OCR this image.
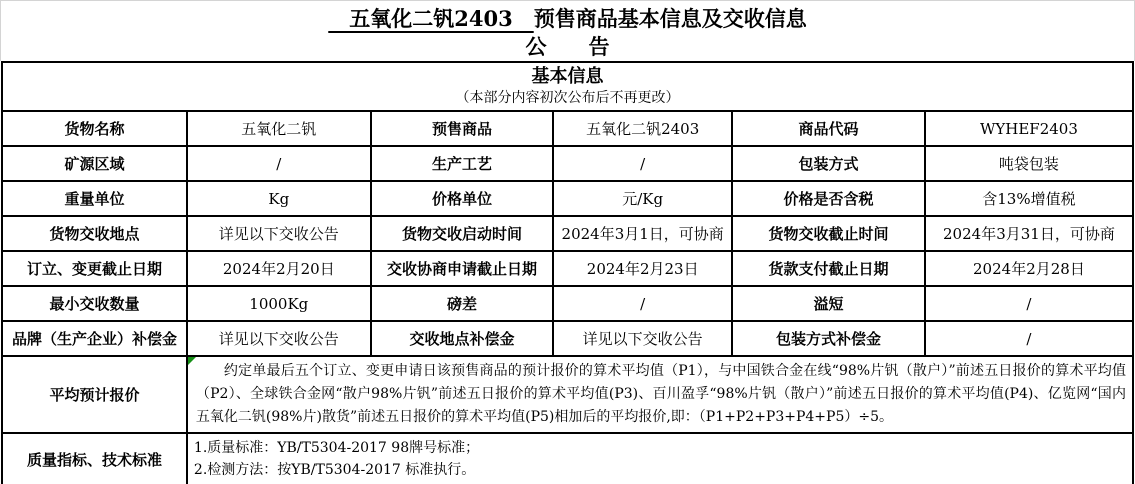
　五氧化二钒2403　预售商品基本信息及交收信息
公　　告
基本信息
（本部分内容初次公布后不再更改）					

货物名称	五氧化二钒	预售商品	五氧化二钒2403	商品代码	WYHEF2403
矿源区域	/	生产工艺	/	包装方式	吨袋包装
重量单位	Kg	价格单位	元/Kg	价格是否含税	含13%增值税
货物交收地点	详见以下交收公告	货物交收启动时间	2024年3月1日，可协商	货物交收截止时间	2024年3月31日，可协商
订立、变更截止日期	2024年2月20日	交收协商申请截止日期	2024年2月23日	货款支付截止日期	2024年2月28日
最小交收数量	1000Kg	磅差	/	溢短	/
品牌（生产企业）补偿金	详见以下交收公告	交收地点补偿金	详见以下交收公告	包装方式补偿金	/
平均预计报价	约定单最后五个订立、变更申请日该预售商品的预计报价的算术平均值（P1），与中国铁合金在线“98%片钒（散户）”前述五日报价的算术平均值（P2）、全球铁合金网“散户98%片钒”前述五日报价的算术平均值(P3)、百川盈孚“98%片钒（散户）”前述五日报价的算术平均值(P4)、亿览网“国内五氧化二钒(98%片)散货”前述五日报价的算术平均值(P5)相加后的平均报价,即：（P1+P2+P3+P4+P5）÷5。				

质量指标、技术标准	1.质量标准：YB/T5304-2017 98牌号标准；
2.检测方法：按YB/T5304-2017 标准执行。				
